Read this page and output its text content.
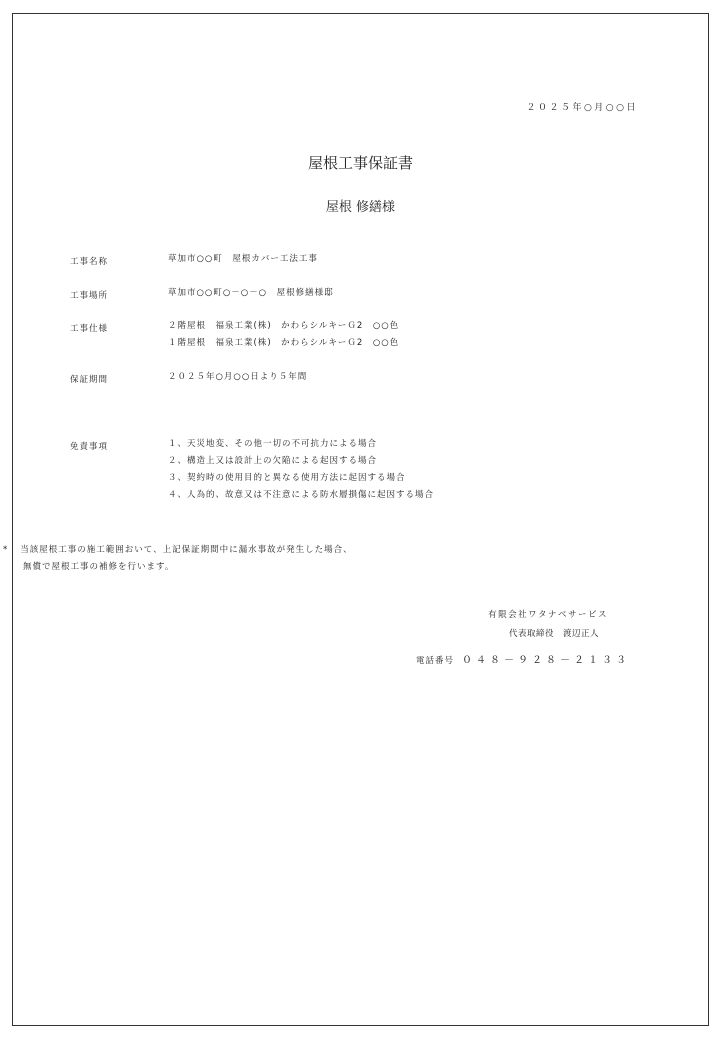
２０２５年○月○○日
屋根工事保証書
屋根 修繕様
工事名称	草加市○○町　屋根カバー工法工事
工事場所	草加市○○町○－○－○　屋根修繕様邸
工事仕様	２階屋根　福泉工業(株)　かわらシルキーＧ2　○○色
１階屋根　福泉工業(株)　かわらシルキーＧ2　○○色
保証期間	２０２５年○月○○日より５年間
免責事項	１、天災地変、その他一切の不可抗力による場合
２、構造上又は設計上の欠陥による起因する場合
３、契約時の使用目的と異なる使用方法に起因する場合
４、人為的、故意又は不注意による防水層損傷に起因する場合
* 当該屋根工事の施工範囲おいて、上記保証期間中に漏水事故が発生した場合、
無償で屋根工事の補修を行います。
有限会社ワタナベサービス
代表取締役　渡辺正人
電話番号 ０４８－９２８－２１３３
